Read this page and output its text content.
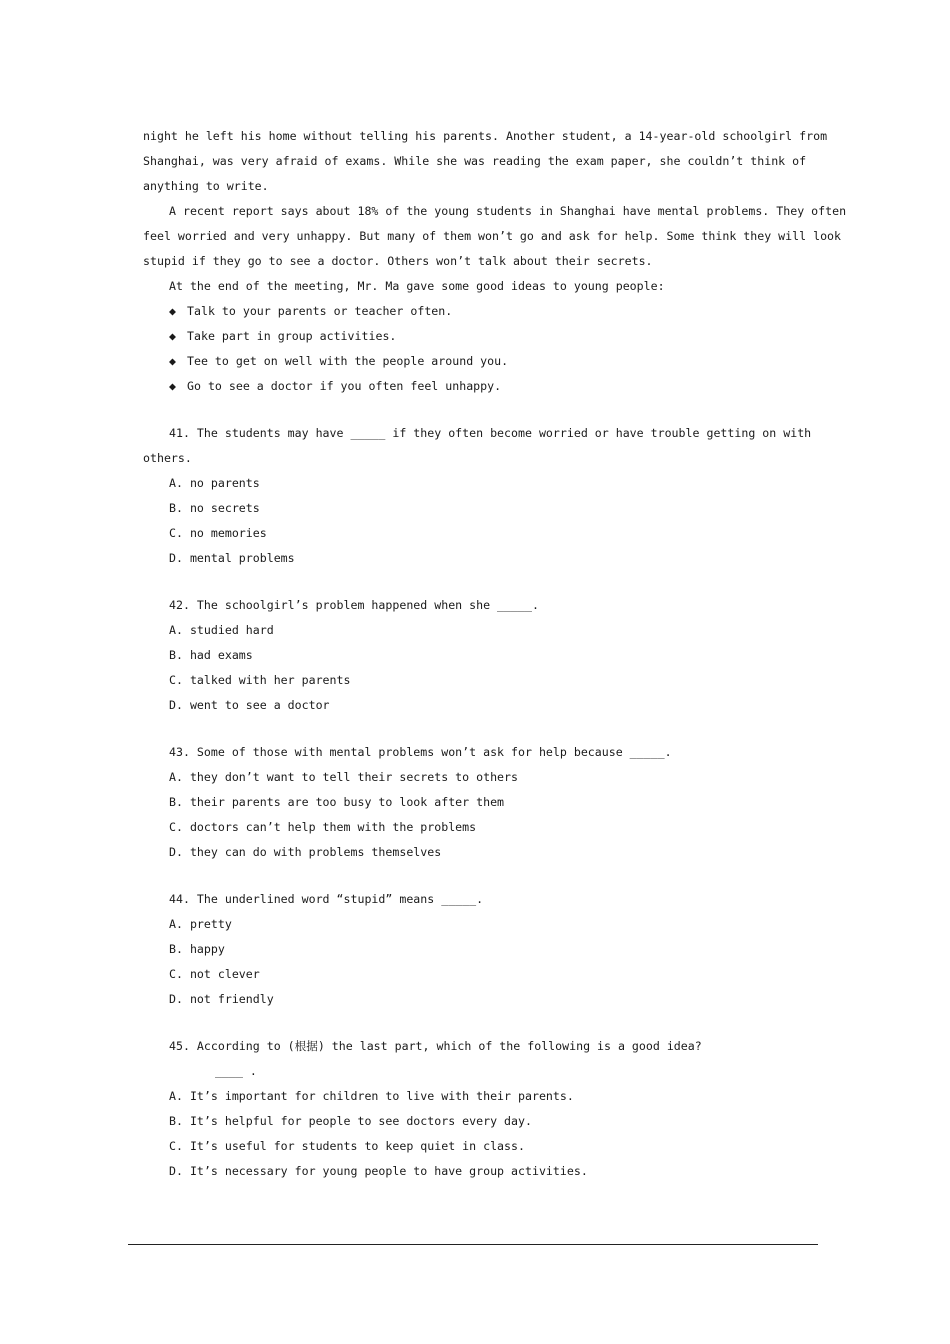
night he left his home without telling his parents. Another student, a 14-year-old schoolgirl from
Shanghai, was very afraid of exams. While she was reading the exam paper, she couldn’t think of
anything to write.
A recent report says about 18% of the young students in Shanghai have mental problems. They often
feel worried and very unhappy. But many of them won’t go and ask for help. Some think they will look
stupid if they go to see a doctor. Others won’t talk about their secrets.
At the end of the meeting, Mr. Ma gave some good ideas to young people:
◆ Talk to your parents or teacher often.
◆ Take part in group activities.
◆ Tee to get on well with the people around you.
◆ Go to see a doctor if you often feel unhappy.
41. The students may have _____ if they often become worried or have trouble getting on with
others.
A. no parents
B. no secrets
C. no memories
D. mental problems
42. The schoolgirl’s problem happened when she _____.
A. studied hard
B. had exams
C. talked with her parents
D. went to see a doctor
43. Some of those with mental problems won’t ask for help because _____.
A. they don’t want to tell their secrets to others
B. their parents are too busy to look after them
C. doctors can’t help them with the problems
D. they can do with problems themselves
44. The underlined word “stupid” means _____.
A. pretty
B. happy
C. not clever
D. not friendly
45. According to (根据) the last part, which of the following is a good idea?
____ .
A. It’s important for children to live with their parents.
B. It’s helpful for people to see doctors every day.
C. It’s useful for students to keep quiet in class.
D. It’s necessary for young people to have group activities.
